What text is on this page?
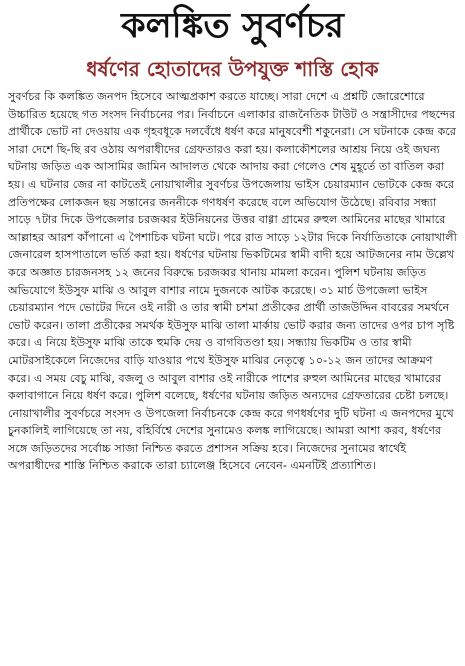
কলঙ্কিত সুবর্ণচর
ধর্ষণের হোতাদের উপযুক্ত শাস্তি হোক

সুবর্ণচর কি কলঙ্কিত জনপদ হিসেবে আত্মপ্রকাশ করতে যাচ্ছে। সারা দেশে এ প্রশ্নটি জোরেশোরে উচ্চারিত হয়েছে গত সংসদ নির্বাচনের পর। নির্বাচনে এলাকার রাজনৈতিক টাউট ও সন্ত্রাসীদের পছন্দের প্রার্থীকে ভোট না দেওয়ায় এক গৃহবধূকে দলবেঁধে ধর্ষণ করে মানুষবেশী শকুনেরা। সে ঘটনাকে কেন্দ্র করে সারা দেশে ছি-ছি রব ওঠায় অপরাধীদের গ্রেফতারও করা হয়। কলাকৌশলের আশ্রয় নিয়ে ওই জঘন্য ঘটনায় জড়িত এক আসামির জামিন আদালত থেকে আদায় করা গেলেও শেষ মুহূর্তে তা বাতিল করা হয়। এ ঘটনার জের না কাটতেই নোয়াখালীর সুবর্ণচর উপজেলায় ভাইস চেয়ারম্যান ভোটকে কেন্দ্র করে প্রতিপক্ষের লোকজন ছয় সন্তানের জননীকে গণধর্ষণ করেছে বলে অভিযোগ উঠেছে। রবিবার সন্ধ্যা সাড়ে ৭টার দিকে উপজেলার চরজব্বর ইউনিয়নের উত্তর বাগ্গা গ্রামের রুহুল আমিনের মাছের খামারে আল্লাহর আরশ কাঁপানো এ পৈশাচিক ঘটনা ঘটে। পরে রাত সাড়ে ১২টার দিকে নির্যাতিতাকে নোয়াখালী জেনারেল হাসপাতালে ভর্তি করা হয়। ধর্ষণের ঘটনায় ভিকটিমের স্বামী বাদী হয়ে আটজনের নাম উল্লেখ করে অজ্ঞাত চারজনসহ ১২ জনের বিরুদ্ধে চরজব্বর থানায় মামলা করেন। পুলিশ ঘটনায় জড়িত অভিযোগে ইউসুফ মাঝি ও আবুল বাশার নামে দুজনকে আটক করেছে। ৩১ মার্চ উপজেলা ভাইস চেয়ারম্যান পদে ভোটের দিনে ওই নারী ও তার স্বামী চশমা প্রতীকের প্রার্থী তাজউদ্দিন বাবরের সমর্থনে ভোট করেন। তালা প্রতীকের সমর্থক ইউসুফ মাঝি তালা মার্কায় ভোট করার জন্য তাদের ওপর চাপ সৃষ্টি করে। এ নিয়ে ইউসুফ মাঝি তাকে হুমকি দেয় ও বাগবিতণ্ডা হয়। সন্ধ্যায় ভিকটিম ও তার স্বামী মোটরসাইকেলে নিজেদের বাড়ি যাওয়ার পথে ইউসুফ মাঝির নেতৃত্বে ১০-১২ জন তাদের আক্রমণ করে। এ সময় বেচু মাঝি, বজলু ও আবুল বাশার ওই নারীকে পাশের রুহুল আমিনের মাছের খামারের কলাবাগানে নিয়ে ধর্ষণ করে। পুলিশ বলেছে, ধর্ষণের ঘটনায় জড়িত অন্যদের গ্রেফতারের চেষ্টা চলছে। নোয়াখালীর সুবর্ণচরে সংসদ ও উপজেলা নির্বাচনকে কেন্দ্র করে গণধর্ষণের দুটি ঘটনা এ জনপদের মুখে চুনকালিই লাগিয়েছে তা নয়, বহির্বিশ্বে দেশের সুনামেও কলঙ্ক লাগিয়েছে। আমরা আশা করব, ধর্ষণের সঙ্গে জড়িতদের সর্বোচ্চ সাজা নিশ্চিত করতে প্রশাসন সক্রিয় হবে। নিজেদের সুনামের স্বার্থেই অপরাধীদের শাস্তি নিশ্চিত করাকে তারা চ্যালেঞ্জ হিসেবে নেবেন- এমনটিই প্রত্যাশিত।
